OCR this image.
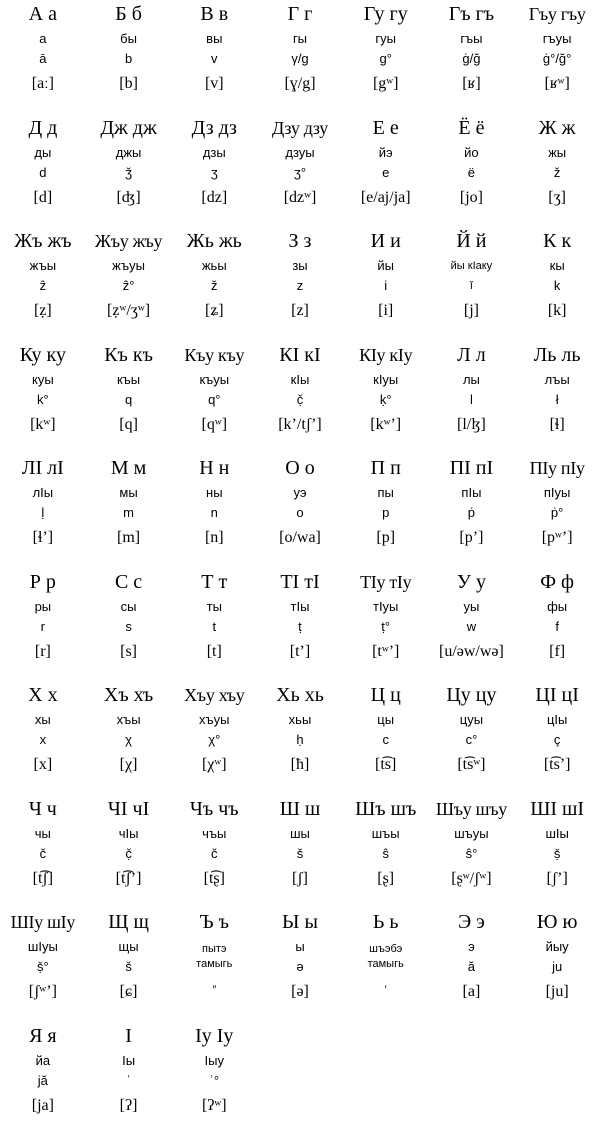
А а
а
ā
[aː]
Б б
бы
b
[b]
В в
вы
v
[v]
Г г
гы
γ/g
[ɣ/g]
Гу гу
гуы
g°
[gʷ]
Гъ гъ
гъы
ġ/ğ
[ʁ]
Гъу гъу
гъуы
ġ°/ğ°
[ʁʷ]
Д д
ды
d
[d]
Дж дж
джы
ǯ
[ʤ]
Дз дз
дзы
ʒ
[dz]
Дзу дзу
дзуы
ʒ°
[dzʷ]
Е е
йэ
e
[e/aj/ja]
Ё ё
йо
ё
[jo]
Ж ж
жы
ž
[ʒ]
Жъ жъ
жъы
ẑ
[ẓ]
Жъу жъу
жъуы
ẑ°
[ẓʷ/ʒʷ]
Жь жь
жьы
ž
[ʑ]
З з
зы
z
[z]
И и
йы
i
[i]
Й й
йы кӀаку
ĭ
[j]
К к
кы
k
[k]
Ку ку
куы
k°
[kʷ]
Къ къ
къы
q
[q]
Къу къу
къуы
q°
[qʷ]
КI кI
кӀы
č̣
[kʼ/tʃʼ]
КIу кIу
кӀуы
ḳ°
[kʷʼ]
Л л
лы
l
[l/ɮ]
Ль ль
лъы
ł
[ɬ]
ЛI лI
лӀы
ḷ
[ɬʼ]
М м
мы
m
[m]
Н н
ны
n
[n]
О о
уэ
o
[o/wa]
П п
пы
p
[p]
ПI пI
пӀы
ṗ
[pʼ]
ПIу пIу
пӀуы
ṗ°
[pʷʼ]
Р р
ры
r
[r]
С с
сы
s
[s]
Т т
ты
t
[t]
ТI тI
тӀы
ṭ
[tʼ]
ТIу тIу
тӀуы
ṭ°
[tʷʼ]
У у
уы
w
[u/əw/wə]
Ф ф
фы
f
[f]
Х х
хы
x
[x]
Хъ хъ
хъы
χ
[χ]
Хъу хъу
хъуы
χ°
[χʷ]
Хь хь
хьы
ḥ
[ħ]
Ц ц
цы
c
[t͡s]
Цу цу
цуы
c°
[t͡sʷ]
ЦI цI
цӀы
ç
[t͡sʼ]
Ч ч
чы
č
[t͡ʃ]
ЧI чI
чӀы
č̣
[t͡ʃʼ]
Чъ чъ
чъы
č
[t͡ʂ]
Ш ш
шы
š
[ʃ]
Шъ шъ
шъы
ŝ
[ʂ]
Шъу шъу
шъуы
ŝ°
[ʂʷ/ʃʷ]
ШI шI
шӀы
ṣ̌
[ʃʼ]
ШIу шIу
шӀуы
ṣ̌°
[ʃʷʼ]
Щ щ
щы
š
[ɕ]
Ъ ъ
пытэ
тамыгь
″
Ы ы
ы
ə
[ə]
Ь ь
шъэбэ
тамыгь
′
Э э
э
ă
[a]
Ю ю
йыу
ju
[ju]
Я я
йа
jă
[ja]
I
Iы
ʾ
[ʔ]
Iу Iу
Iыу
ʾ°
[ʔʷ]
